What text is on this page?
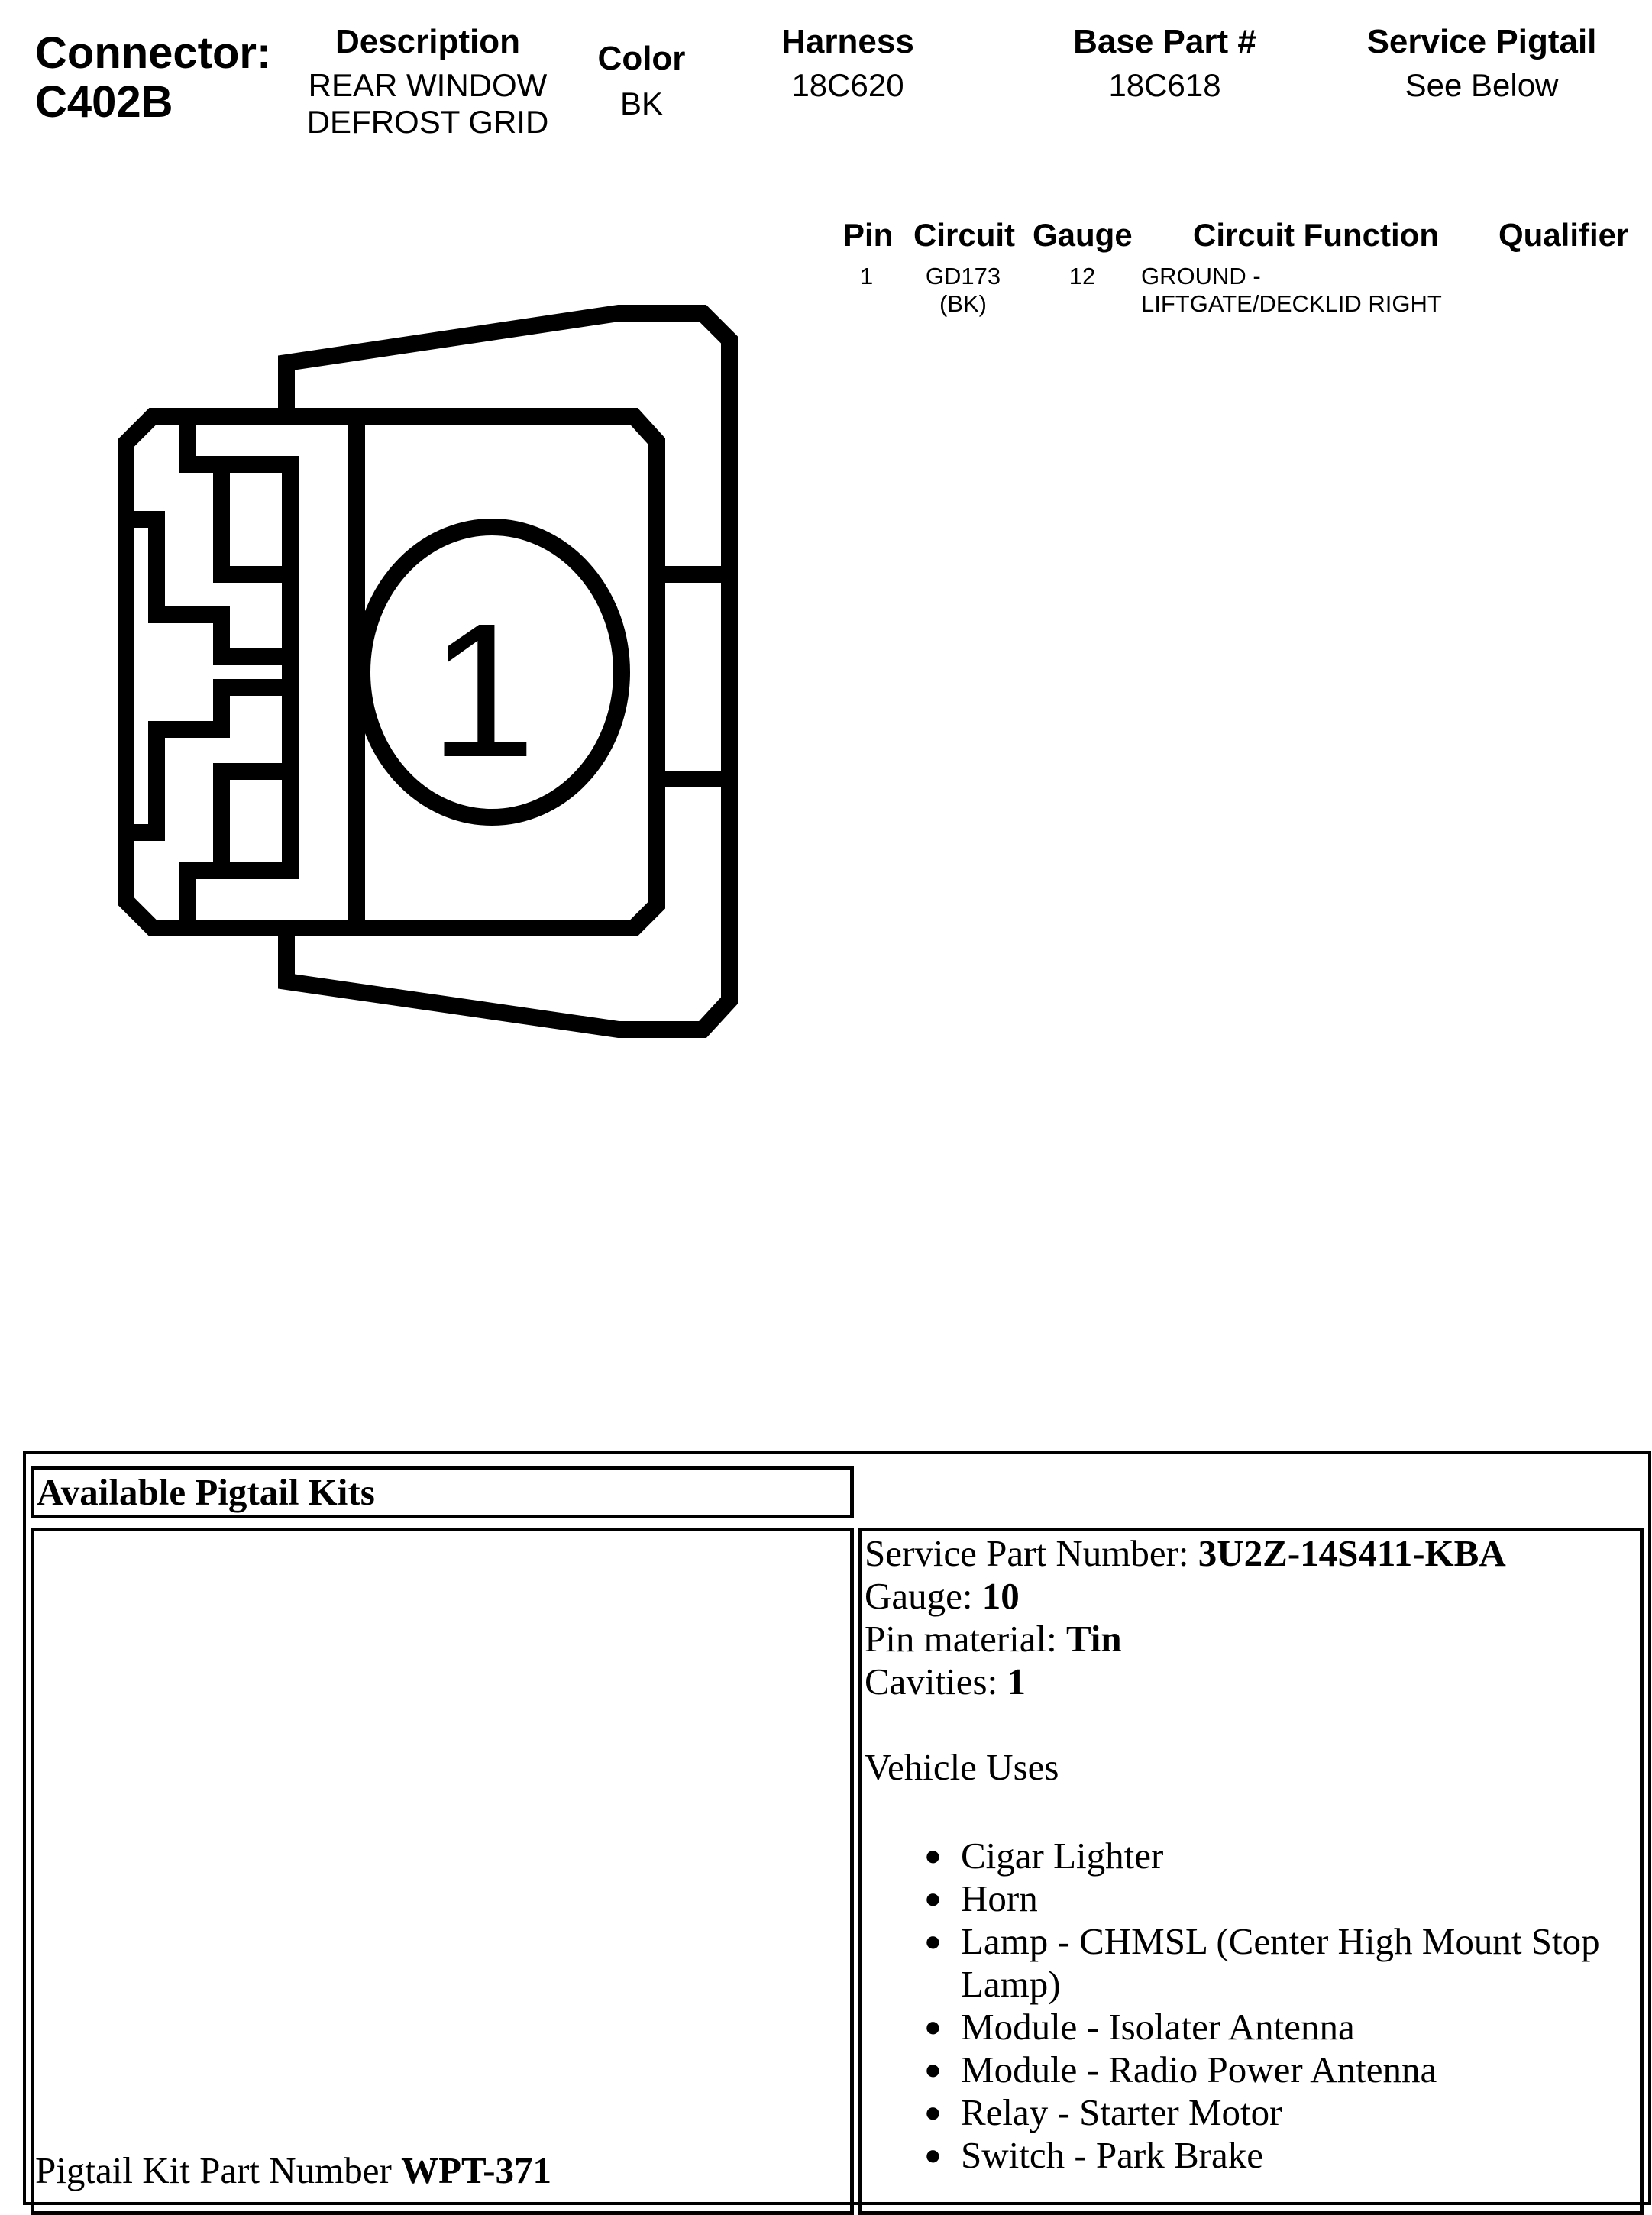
Connector:
C402B
Description
REAR WINDOW
DEFROST GRID
Color
BK
Harness
18C620
Base Part #
18C618
Service Pigtail
See Below
Pin Circuit Gauge Circuit Function Qualifier
1	GD173
(BK)
12	GROUND -
LIFTGATE/DECKLID RIGHT
1
Available Pigtail Kits
Pigtail Kit Part Number WPT-371
Service Part Number: 3U2Z-14S411-KBA
Gauge: 10
Pin material: Tin
Cavities: 1
Vehicle Uses
● Cigar Lighter
● Horn
● Lamp - CHMSL (Center High Mount Stop
Lamp)
● Module - Isolater Antenna
● Module - Radio Power Antenna
● Relay - Starter Motor
● Switch - Park Brake
